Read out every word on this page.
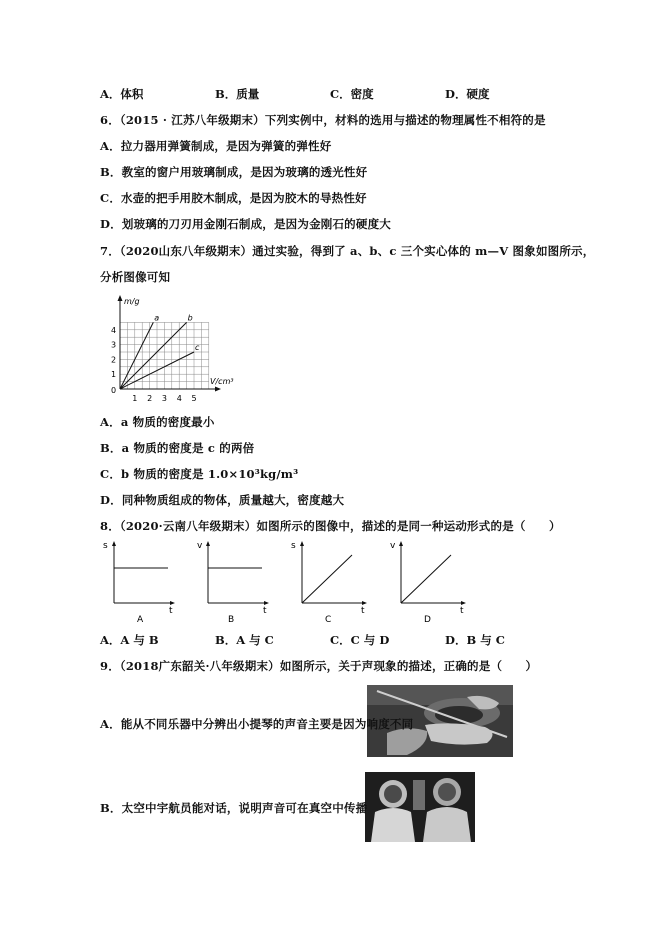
A．体积	B．质量	C．密度	D．硬度
6．（2015 · 江苏八年级期末）下列实例中，材料的选用与描述的物理属性不相符的是
A．拉力器用弹簧制成，是因为弹簧的弹性好
B．教室的窗户用玻璃制成，是因为玻璃的透光性好
C．水壶的把手用胶木制成，是因为胶木的导热性好
D．划玻璃的刀刃用金刚石制成，是因为金刚石的硬度大
7．（2020山东八年级期末）通过实验，得到了 a、b、c 三个实心体的 m—V 图象如图所示，
分析图像可知
m/g
V/cm³
0
1 2 3 4 5
1
2
3
4
a	b
c
A．a 物质的密度最小
B．a 物质的密度是 c 的两倍
C．b 物质的密度是 1.0×10³kg/m³
D．同种物质组成的物体，质量越大，密度越大
8．（2020·云南八年级期末）如图所示的图像中，描述的是同一种运动形式的是（　　）
s
t
A
v
t
B
s
t
C
v
t
D
A．A 与 B	B．A 与 C	C．C 与 D	D．B 与 C
9．（2018广东韶关·八年级期末）如图所示，关于声现象的描述，正确的是（　　）
A．能从不同乐器中分辨出小提琴的声音主要是因为响度不同
B．太空中宇航员能对话，说明声音可在真空中传播
